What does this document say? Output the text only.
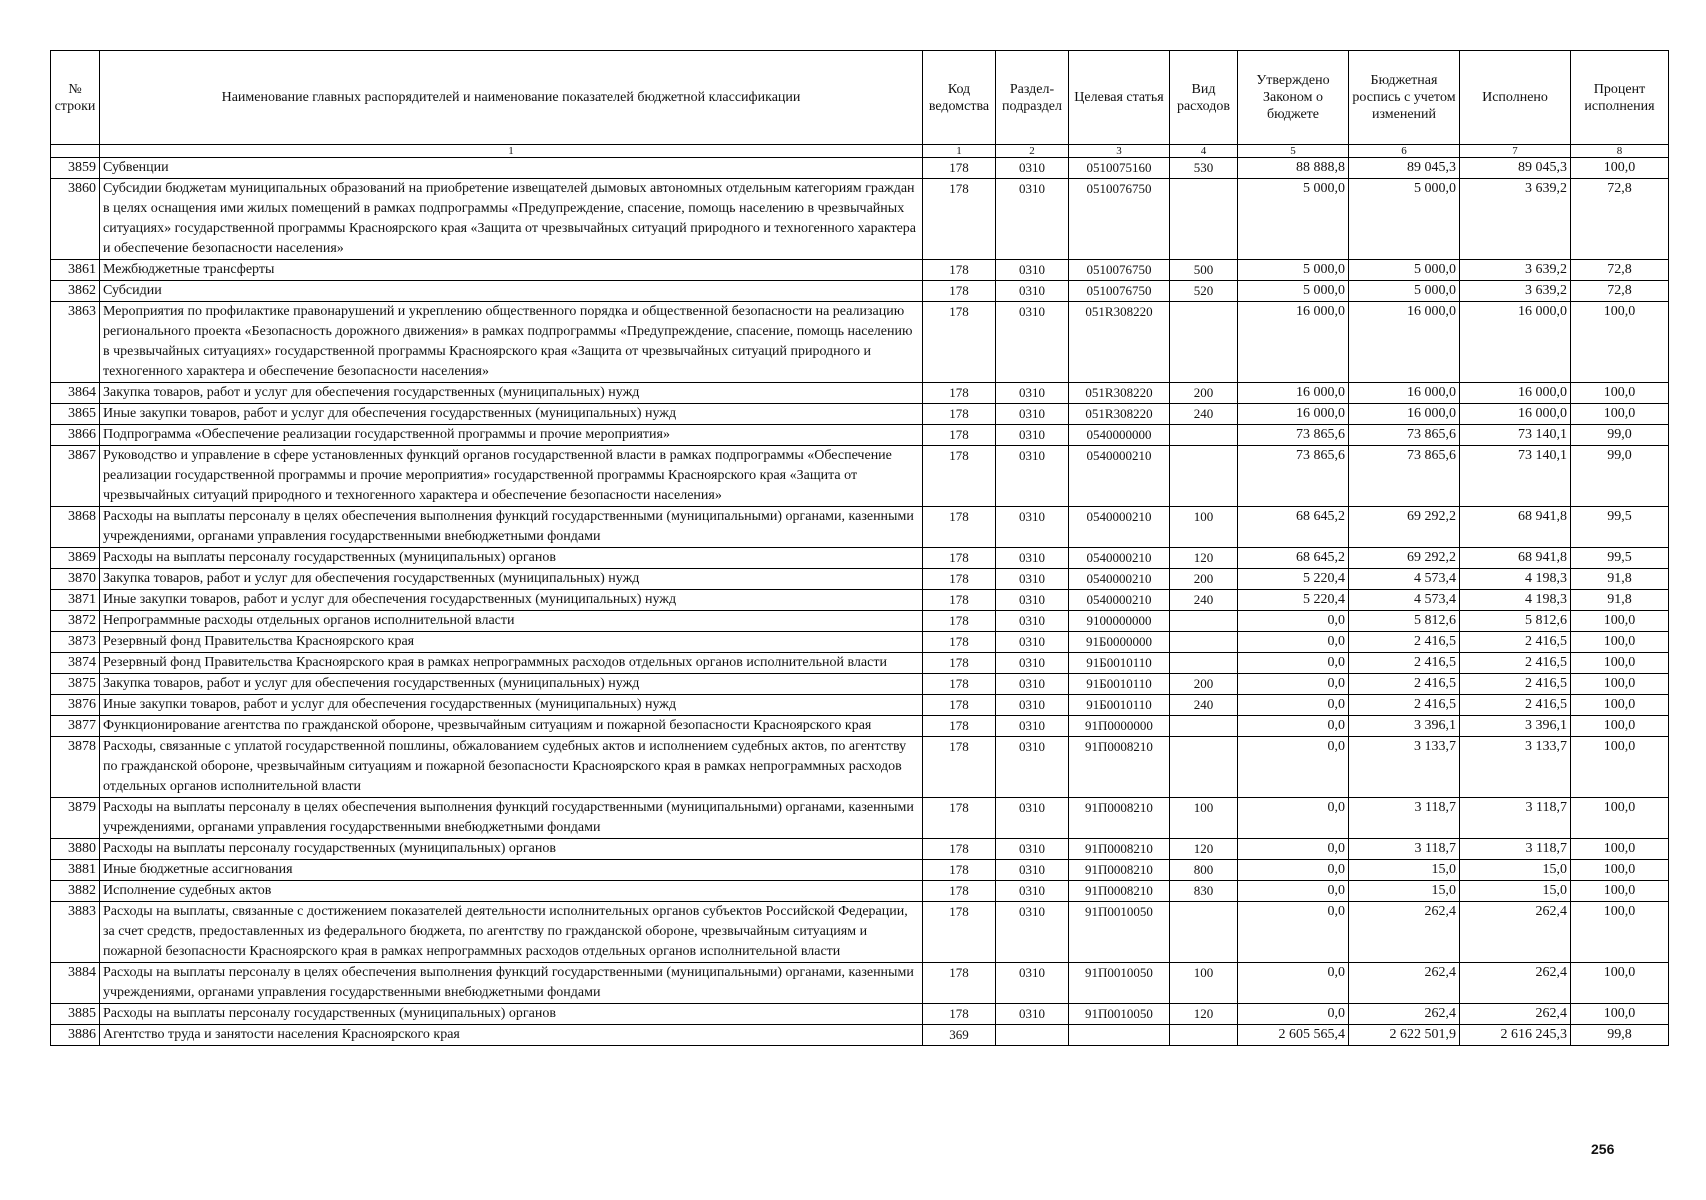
№ строки	Наименование главных распорядителей и наименование показателей бюджетной классификации	Код ведомства	Раздел-подраздел	Целевая статья	Вид расходов	Утверждено Законом о бюджете	Бюджетная роспись с учетом изменений	Исполнено	Процент исполнения
	1	1	2	3	4	5	6	7	8
3859	Субвенции	178	0310	0510075160	530	88 888,8	89 045,3	89 045,3	100,0
3860	Субсидии бюджетам муниципальных образований на приобретение извещателей дымовых автономных отдельным категориям граждан в целях оснащения ими жилых помещений в рамках подпрограммы «Предупреждение, спасение, помощь населению в чрезвычайных ситуациях» государственной программы Красноярского края «Защита от чрезвычайных ситуаций природного и техногенного характера и обеспечение безопасности населения»	178	0310	0510076750		5 000,0	5 000,0	3 639,2	72,8
3861	Межбюджетные трансферты	178	0310	0510076750	500	5 000,0	5 000,0	3 639,2	72,8
3862	Субсидии	178	0310	0510076750	520	5 000,0	5 000,0	3 639,2	72,8
3863	Мероприятия по профилактике правонарушений и укреплению общественного порядка и общественной безопасности на реализацию регионального проекта «Безопасность дорожного движения» в рамках подпрограммы «Предупреждение, спасение, помощь населению в чрезвычайных ситуациях» государственной программы Красноярского края «Защита от чрезвычайных ситуаций природного и техногенного характера и обеспечение безопасности населения»	178	0310	051R308220		16 000,0	16 000,0	16 000,0	100,0
3864	Закупка товаров, работ и услуг для обеспечения государственных (муниципальных) нужд	178	0310	051R308220	200	16 000,0	16 000,0	16 000,0	100,0
3865	Иные закупки товаров, работ и услуг для обеспечения государственных (муниципальных) нужд	178	0310	051R308220	240	16 000,0	16 000,0	16 000,0	100,0
3866	Подпрограмма «Обеспечение реализации государственной программы и прочие мероприятия»	178	0310	0540000000		73 865,6	73 865,6	73 140,1	99,0
3867	Руководство и управление в сфере установленных функций органов государственной власти в рамках подпрограммы «Обеспечение реализации государственной программы и прочие мероприятия» государственной программы Красноярского края «Защита от чрезвычайных ситуаций природного и техногенного характера и обеспечение безопасности населения»	178	0310	0540000210		73 865,6	73 865,6	73 140,1	99,0
3868	Расходы на выплаты персоналу в целях обеспечения выполнения функций государственными (муниципальными) органами, казенными учреждениями, органами управления государственными внебюджетными фондами	178	0310	0540000210	100	68 645,2	69 292,2	68 941,8	99,5
3869	Расходы на выплаты персоналу государственных (муниципальных) органов	178	0310	0540000210	120	68 645,2	69 292,2	68 941,8	99,5
3870	Закупка товаров, работ и услуг для обеспечения государственных (муниципальных) нужд	178	0310	0540000210	200	5 220,4	4 573,4	4 198,3	91,8
3871	Иные закупки товаров, работ и услуг для обеспечения государственных (муниципальных) нужд	178	0310	0540000210	240	5 220,4	4 573,4	4 198,3	91,8
3872	Непрограммные расходы отдельных органов исполнительной власти	178	0310	9100000000		0,0	5 812,6	5 812,6	100,0
3873	Резервный фонд Правительства Красноярского края	178	0310	91Б0000000		0,0	2 416,5	2 416,5	100,0
3874	Резервный фонд Правительства Красноярского края в рамках непрограммных расходов отдельных органов исполнительной власти	178	0310	91Б0010110		0,0	2 416,5	2 416,5	100,0
3875	Закупка товаров, работ и услуг для обеспечения государственных (муниципальных) нужд	178	0310	91Б0010110	200	0,0	2 416,5	2 416,5	100,0
3876	Иные закупки товаров, работ и услуг для обеспечения государственных (муниципальных) нужд	178	0310	91Б0010110	240	0,0	2 416,5	2 416,5	100,0
3877	Функционирование агентства по гражданской обороне, чрезвычайным ситуациям и пожарной безопасности Красноярского края	178	0310	91П0000000		0,0	3 396,1	3 396,1	100,0
3878	Расходы, связанные с уплатой государственной пошлины, обжалованием судебных актов и исполнением судебных актов, по агентству по гражданской обороне, чрезвычайным ситуациям и пожарной безопасности Красноярского края в рамках непрограммных расходов отдельных органов исполнительной власти	178	0310	91П0008210		0,0	3 133,7	3 133,7	100,0
3879	Расходы на выплаты персоналу в целях обеспечения выполнения функций государственными (муниципальными) органами, казенными учреждениями, органами управления государственными внебюджетными фондами	178	0310	91П0008210	100	0,0	3 118,7	3 118,7	100,0
3880	Расходы на выплаты персоналу государственных (муниципальных) органов	178	0310	91П0008210	120	0,0	3 118,7	3 118,7	100,0
3881	Иные бюджетные ассигнования	178	0310	91П0008210	800	0,0	15,0	15,0	100,0
3882	Исполнение судебных актов	178	0310	91П0008210	830	0,0	15,0	15,0	100,0
3883	Расходы на выплаты, связанные с достижением показателей деятельности исполнительных органов субъектов Российской Федерации, за счет средств, предоставленных из федерального бюджета, по агентству по гражданской обороне, чрезвычайным ситуациям и пожарной безопасности Красноярского края в рамках непрограммных расходов отдельных органов исполнительной власти	178	0310	91П0010050		0,0	262,4	262,4	100,0
3884	Расходы на выплаты персоналу в целях обеспечения выполнения функций государственными (муниципальными) органами, казенными учреждениями, органами управления государственными внебюджетными фондами	178	0310	91П0010050	100	0,0	262,4	262,4	100,0
3885	Расходы на выплаты персоналу государственных (муниципальных) органов	178	0310	91П0010050	120	0,0	262,4	262,4	100,0
3886	Агентство труда и занятости населения Красноярского края	369				2 605 565,4	2 622 501,9	2 616 245,3	99,8
256
